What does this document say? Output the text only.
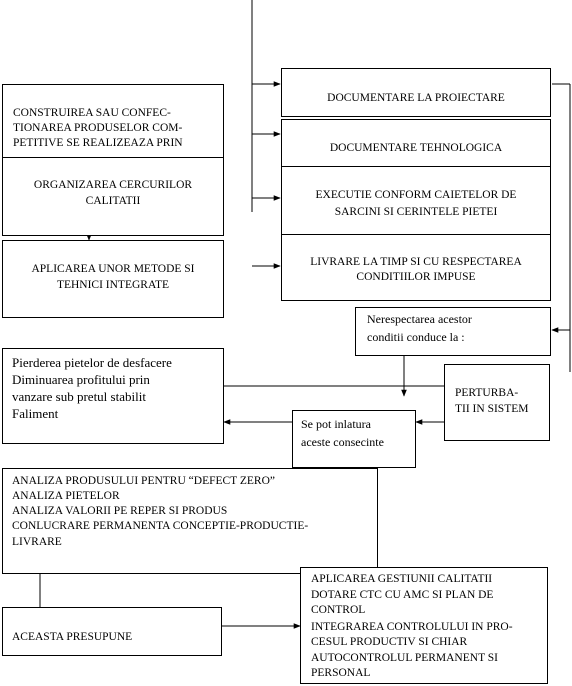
CONSTRUIREA SAU CONFEC-
TIONAREA PRODUSELOR COM-
PETITIVE SE REALIZEAZA PRIN
ORGANIZAREA CERCURILOR
CALITATII
APLICAREA UNOR METODE SI
TEHNICI INTEGRATE
DOCUMENTARE LA PROIECTARE
DOCUMENTARE TEHNOLOGICA
EXECUTIE CONFORM CAIETELOR DE
SARCINI SI CERINTELE PIETEI
LIVRARE LA TIMP SI CU RESPECTAREA
CONDITIILOR IMPUSE
Nerespectarea acestor
conditii conduce la :
PERTURBA-
TII IN SISTEM
Pierderea pietelor de desfacere
Diminuarea profitului prin
vanzare sub pretul stabilit
Faliment
Se pot inlatura
aceste consecinte
ANALIZA PRODUSULUI PENTRU “DEFECT ZERO”
ANALIZA PIETELOR
ANALIZA VALORII PE REPER SI PRODUS
CONLUCRARE PERMANENTA CONCEPTIE-PRODUCTIE-
LIVRARE
ACEASTA PRESUPUNE
APLICAREA GESTIUNII CALITATII
DOTARE CTC CU AMC SI PLAN DE
CONTROL
INTEGRAREA CONTROLULUI IN PRO-
CESUL PRODUCTIV SI CHIAR
AUTOCONTROLUL PERMANENT SI
PERSONAL
